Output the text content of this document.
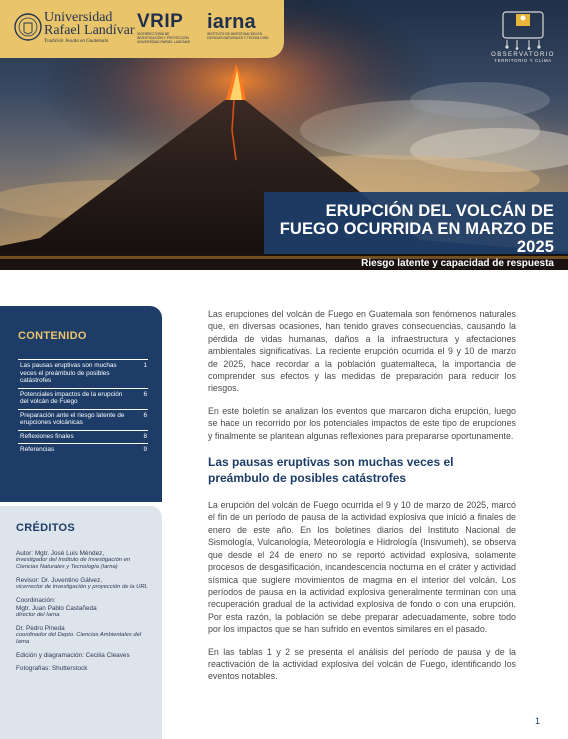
Universidad
Rafael Landívar
Tradición Jesuita en Guatemala
VRIP
VICERRECTORÍA DE INVESTIGACIÓN Y PROYECCIÓN UNIVERSIDAD RAFAEL LANDÍVAR
iarna
INSTITUTO DE INVESTIGACIÓN EN CIENCIAS NATURALES Y TECNOLOGÍA
OBSERVATORIO
TERRITORIO Y CLIMA
ERUPCIÓN DEL VOLCÁN DE FUEGO OCURRIDA EN MARZO DE 2025
Riesgo latente y capacidad de respuesta
CONTENIDO
Las pausas eruptivas son muchas veces el preámbulo de posibles catástrofes
1
Potenciales impactos de la erupción del volcán de Fuego
6
Preparación ante el riesgo latente de erupciones volcánicas
6
Reflexiones finales	8
Referencias	9
CRÉDITOS
Autor: Mgtr. José Luis Méndez,
investigador del Instituto de Investigación en Ciencias Naturales y Tecnología (Iarna)
Revisor: Dr. Juventino Gálvez,
vicerrector de investigación y proyección de la URL
Coordinación:
Mgtr. Juan Pablo Castañeda
director del Iarna
Dr. Pedro Pineda
coordinador del Depto. Ciencias Ambientales del Iarna
Edición y diagramación: Cecilia Cleaves
Fotografías: Shutterstock

Las erupciones del volcán de Fuego en Guatemala son fenómenos naturales que, en diversas ocasiones, han tenido graves consecuencias, causando la pérdida de vidas humanas, daños a la infraestructura y afectaciones ambientales significativas. La reciente erupción ocurrida el 9 y 10 de marzo de 2025, hace recordar a la población guatemalteca, la importancia de comprender sus efectos y las medidas de preparación para reducir los riesgos.

En este boletín se analizan los eventos que marcaron dicha erupción, luego se hace un recorrido por los potenciales impactos de este tipo de erupciones y finalmente se plantean algunas reflexiones para prepararse oportunamente.

Las pausas eruptivas son muchas veces el preámbulo de posibles catástrofes

La erupción del volcán de Fuego ocurrida el 9 y 10 de marzo de 2025, marcó el fin de un período de pausa de la actividad explosiva que inició a finales de enero de este año. En los boletines diarios del Instituto Nacional de Sismología, Vulcanología, Meteorología e Hidrología (Insivumeh), se observa que desde el 24 de enero no se reportó actividad explosiva, solamente procesos de desgasificación, incandescencia nocturna en el cráter y actividad sísmica que sugiere movimientos de magma en el interior del volcán. Los períodos de pausa en la actividad explosiva generalmente terminan con una recuperación gradual de la actividad explosiva de fondo o con una erupción. Por esta razón, la población se debe preparar adecuadamente, sobre todo por los impactos que se han sufrido en eventos similares en el pasado.

En las tablas 1 y 2 se presenta el análisis del período de pausa y de la reactivación de la actividad explosiva del volcán de Fuego, identificando los eventos notables.

1
